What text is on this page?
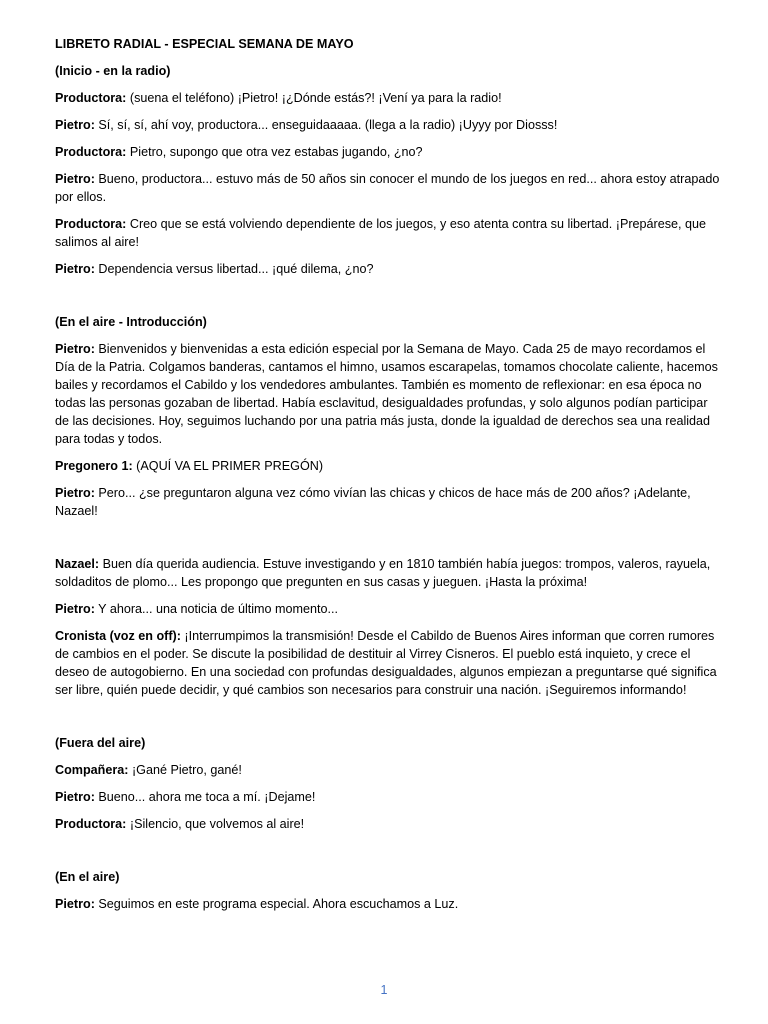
LIBRETO RADIAL - ESPECIAL SEMANA DE MAYO

(Inicio - en la radio)

Productora: (suena el teléfono) ¡Pietro! ¡¿Dónde estás?! ¡Vení ya para la radio!

Pietro: Sí, sí, sí, ahí voy, productora... enseguidaaaaa. (llega a la radio) ¡Uyyy por Diosss!

Productora: Pietro, supongo que otra vez estabas jugando, ¿no?

Pietro: Bueno, productora... estuvo más de 50 años sin conocer el mundo de los juegos en red... ahora estoy atrapado por ellos.

Productora: Creo que se está volviendo dependiente de los juegos, y eso atenta contra su libertad. ¡Prepárese, que salimos al aire!

Pietro: Dependencia versus libertad... ¡qué dilema, ¿no?

(En el aire - Introducción)

Pietro: Bienvenidos y bienvenidas a esta edición especial por la Semana de Mayo. Cada 25 de mayo recordamos el Día de la Patria. Colgamos banderas, cantamos el himno, usamos escarapelas, tomamos chocolate caliente, hacemos bailes y recordamos el Cabildo y los vendedores ambulantes. También es momento de reflexionar: en esa época no todas las personas gozaban de libertad. Había esclavitud, desigualdades profundas, y solo algunos podían participar de las decisiones. Hoy, seguimos luchando por una patria más justa, donde la igualdad de derechos sea una realidad para todas y todos.

Pregonero 1: (AQUÍ VA EL PRIMER PREGÓN)

Pietro: Pero... ¿se preguntaron alguna vez cómo vivían las chicas y chicos de hace más de 200 años? ¡Adelante, Nazael!

Nazael: Buen día querida audiencia. Estuve investigando y en 1810 también había juegos: trompos, valeros, rayuela, soldaditos de plomo... Les propongo que pregunten en sus casas y jueguen. ¡Hasta la próxima!

Pietro: Y ahora... una noticia de último momento...

Cronista (voz en off): ¡Interrumpimos la transmisión! Desde el Cabildo de Buenos Aires informan que corren rumores de cambios en el poder. Se discute la posibilidad de destituir al Virrey Cisneros. El pueblo está inquieto, y crece el deseo de autogobierno. En una sociedad con profundas desigualdades, algunos empiezan a preguntarse qué significa ser libre, quién puede decidir, y qué cambios son necesarios para construir una nación. ¡Seguiremos informando!

(Fuera del aire)

Compañera: ¡Gané Pietro, gané!

Pietro: Bueno... ahora me toca a mí. ¡Dejame!

Productora: ¡Silencio, que volvemos al aire!

(En el aire)

Pietro: Seguimos en este programa especial. Ahora escuchamos a Luz.

1
